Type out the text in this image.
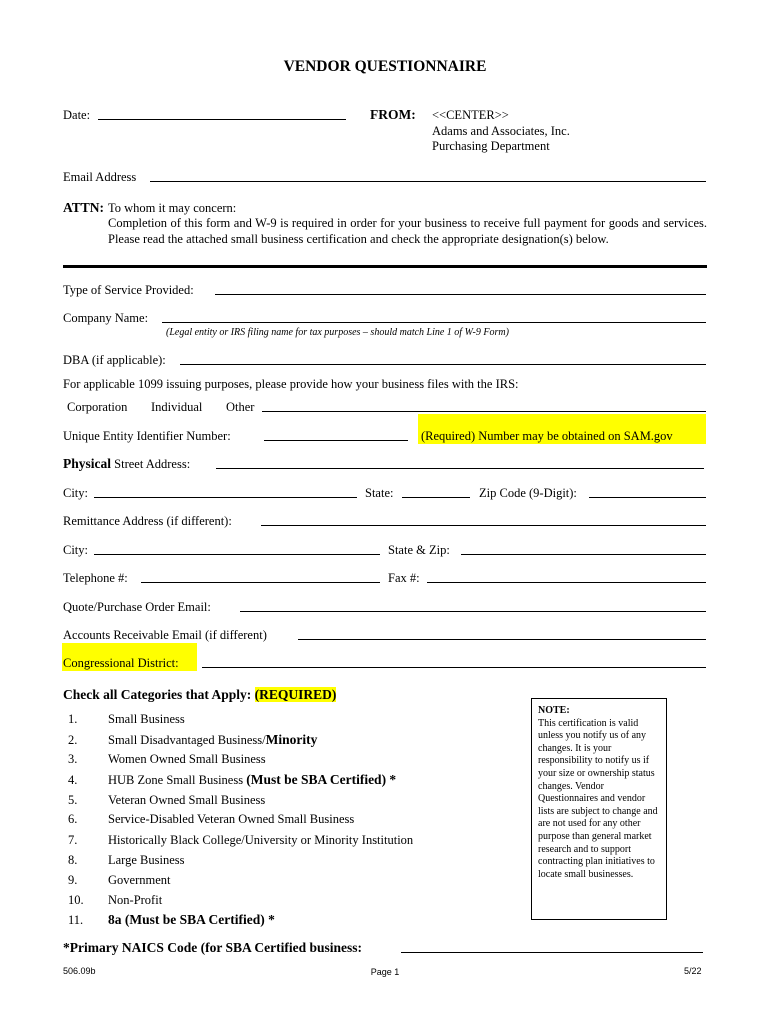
VENDOR QUESTIONNAIRE
Date:	FROM: <<CENTER>>
Adams and Associates, Inc.
Purchasing Department
Email Address
ATTN: To whom it may concern:
Completion of this form and W-9 is required in order for your business to receive full payment for goods and services. Please read the attached small business certification and check the appropriate designation(s) below.
Type of Service Provided:
Company Name:
(Legal entity or IRS filing name for tax purposes – should match Line 1 of W-9 Form)
DBA (if applicable):
For applicable 1099 issuing purposes, please provide how your business files with the IRS:
Corporation Individual Other
Unique Entity Identifier Number:	(Required) Number may be obtained on SAM.gov
Physical Street Address:
City:	State:	Zip Code (9-Digit):
Remittance Address (if different):
City:	State & Zip:
Telephone #:	Fax #:
Quote/Purchase Order Email:
Accounts Receivable Email (if different)
Congressional District:
Check all Categories that Apply: (REQUIRED)
1. Small Business
2. Small Disadvantaged Business/Minority
3. Women Owned Small Business
4. HUB Zone Small Business (Must be SBA Certified) *
5. Veteran Owned Small Business
6. Service-Disabled Veteran Owned Small Business
7. Historically Black College/University or Minority Institution
8. Large Business
9. Government
10. Non-Profit
11. 8a (Must be SBA Certified) *
NOTE:
This certification is valid unless you notify us of any changes. It is your responsibility to notify us if your size or ownership status changes. Vendor Questionnaires and vendor lists are subject to change and are not used for any other purpose than general market research and to support contracting plan initiatives to locate small businesses.
*Primary NAICS Code (for SBA Certified business:
506.09b	Page 1	5/22
